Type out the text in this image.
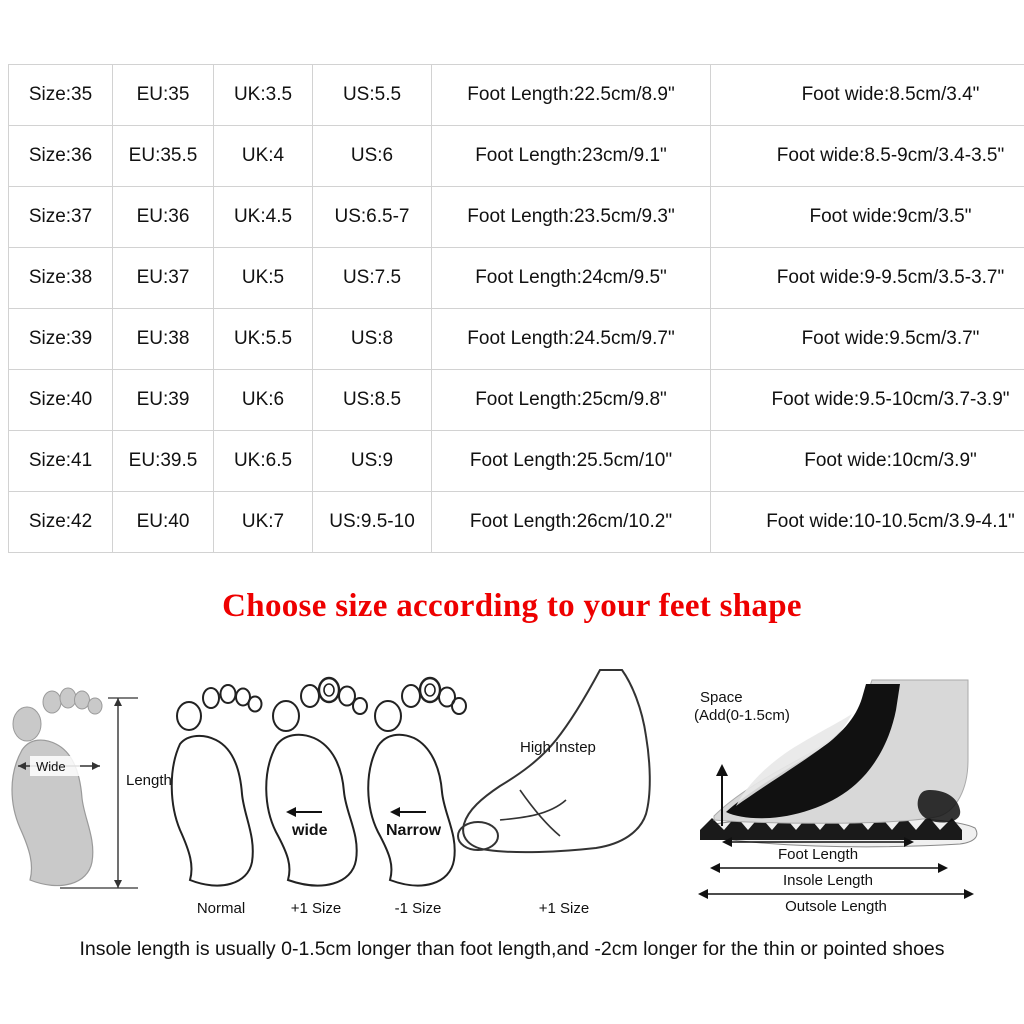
Size:35	EU:35	UK:3.5	US:5.5	Foot Length:22.5cm/8.9"	Foot wide:8.5cm/3.4"
Size:36	EU:35.5	UK:4	US:6	Foot Length:23cm/9.1"	Foot wide:8.5-9cm/3.4-3.5"
Size:37	EU:36	UK:4.5	US:6.5-7	Foot Length:23.5cm/9.3"	Foot wide:9cm/3.5"
Size:38	EU:37	UK:5	US:7.5	Foot Length:24cm/9.5"	Foot wide:9-9.5cm/3.5-3.7"
Size:39	EU:38	UK:5.5	US:8	Foot Length:24.5cm/9.7"	Foot wide:9.5cm/3.7"
Size:40	EU:39	UK:6	US:8.5	Foot Length:25cm/9.8"	Foot wide:9.5-10cm/3.7-3.9"
Size:41	EU:39.5	UK:6.5	US:9	Foot Length:25.5cm/10"	Foot wide:10cm/3.9"
Size:42	EU:40	UK:7	US:9.5-10	Foot Length:26cm/10.2"	Foot wide:10-10.5cm/3.9-4.1"
Choose size according to your feet shape
Wide
Length
Normal
wide
+1 Size
Narrow
-1 Size
High Instep
+1 Size
Space
(Add(0-1.5cm)
Foot Length
Insole Length
Outsole Length
Insole length is usually 0-1.5cm longer than foot length,and -2cm longer for the thin or pointed shoes
